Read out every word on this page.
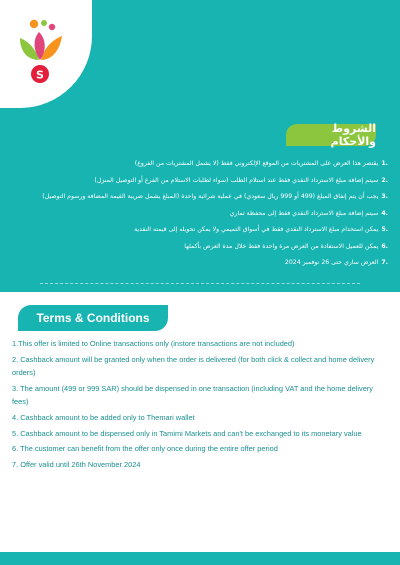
S
الشروط والأحكام
.1يقتصر هذا العرض على المشتريات من الموقع الإلكتروني فقط (لا يشمل المشتريات من الفروع)
.2سيتم إضافة مبلغ الاسترداد النقدي فقط عند استلام الطلب (سواء لطلبات الاستلام من الفرع أو التوصيل المنزل)
.3يجب أن يتم إنفاق المبلغ (499 أو 999 ريال سعودي) في عملية شرائية واحدة (المبلغ يشمل ضريبة القيمة المضافة ورسوم التوصيل)
.4سيتم إضافة مبلغ الاسترداد النقدي فقط إلى محفظة ثماري
.5يمكن استخدام مبلغ الاسترداد النقدي فقط في أسواق التميمي ولا يمكن تحويله إلى قيمته النقدية
.6يمكن للعميل الاستفادة من العرض مرة واحدة فقط خلال مدة العرض بأكملها
.7العرض ساري حتى 26 نوفمبر 2024
Terms & Conditions
1.This offer is limited to Online transactions only (instore transactions are not included)
2. Cashback amount will be granted only when the order is delivered (for both click & collect and home delivery orders)
3. The amount (499 or 999 SAR) should be dispensed in one transaction (including VAT and the home delivery fees)
4. Cashback amount to be added only to Themari wallet
5. Cashback amount to be dispensed only in Tamimi Markets and can't be exchanged to its monetary value
6. The customer can benefit from the offer only once during the entire offer period
7. Offer valid until 26th November 2024
